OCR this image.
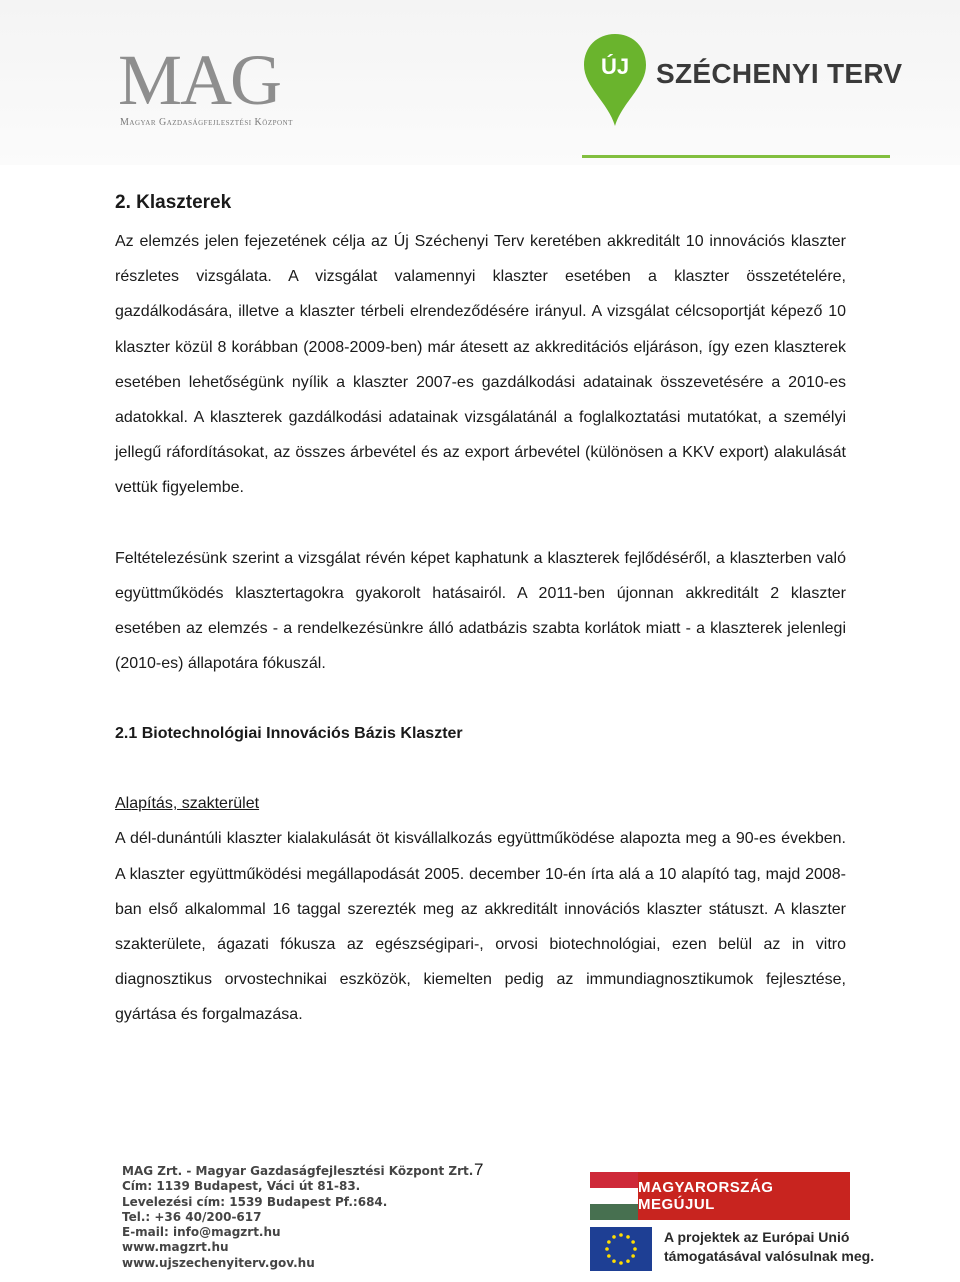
MAG
Magyar Gazdaságfejlesztési Központ
ÚJ SZÉCHENYI TERV
2. Klaszterek

Az elemzés jelen fejezetének célja az Új Széchenyi Terv keretében akkreditált 10 innovációs klaszter részletes vizsgálata. A vizsgálat valamennyi klaszter esetében a klaszter összetételére, gazdálkodására, illetve a klaszter térbeli elrendeződésére irányul. A vizsgálat célcsoportját képező 10 klaszter közül 8 korábban (2008-2009-ben) már átesett az akkreditációs eljáráson, így ezen klaszterek esetében lehetőségünk nyílik a klaszter 2007-es gazdálkodási adatainak összevetésére a 2010-es adatokkal. A klaszterek gazdálkodási adatainak vizsgálatánál a foglalkoztatási mutatókat, a személyi jellegű ráfordításokat, az összes árbevétel és az export árbevétel (különösen a KKV export) alakulását vettük figyelembe.

Feltételezésünk szerint a vizsgálat révén képet kaphatunk a klaszterek fejlődéséről, a klaszterben való együttműködés klasztertagokra gyakorolt hatásairól. A 2011-ben újonnan akkreditált 2 klaszter esetében az elemzés - a rendelkezésünkre álló adatbázis szabta korlátok miatt - a klaszterek jelenlegi (2010-es) állapotára fókuszál.

2.1 Biotechnológiai Innovációs Bázis Klaszter

Alapítás, szakterület

A dél-dunántúli klaszter kialakulását öt kisvállalkozás együttműködése alapozta meg a 90-es években. A klaszter együttműködési megállapodását 2005. december 10-én írta alá a 10 alapító tag, majd 2008-ban első alkalommal 16 taggal szerezték meg az akkreditált innovációs klaszter státuszt. A klaszter szakterülete, ágazati fókusza az egészségipari-, orvosi biotechnológiai, ezen belül az in vitro diagnosztikus orvostechnikai eszközök, kiemelten pedig az immundiagnosztikumok fejlesztése, gyártása és forgalmazása.

7
MAG Zrt. - Magyar Gazdaságfejlesztési Központ Zrt.
Cím: 1139 Budapest, Váci út 81-83.
Levelezési cím: 1539 Budapest Pf.:684.
Tel.: +36 40/200-617
E-mail: info@magzrt.hu
www.magzrt.hu
www.ujszechenyiterv.gov.hu
MAGYARORSZÁG MEGÚJUL
A projektek az Európai Unió
támogatásával valósulnak meg.
